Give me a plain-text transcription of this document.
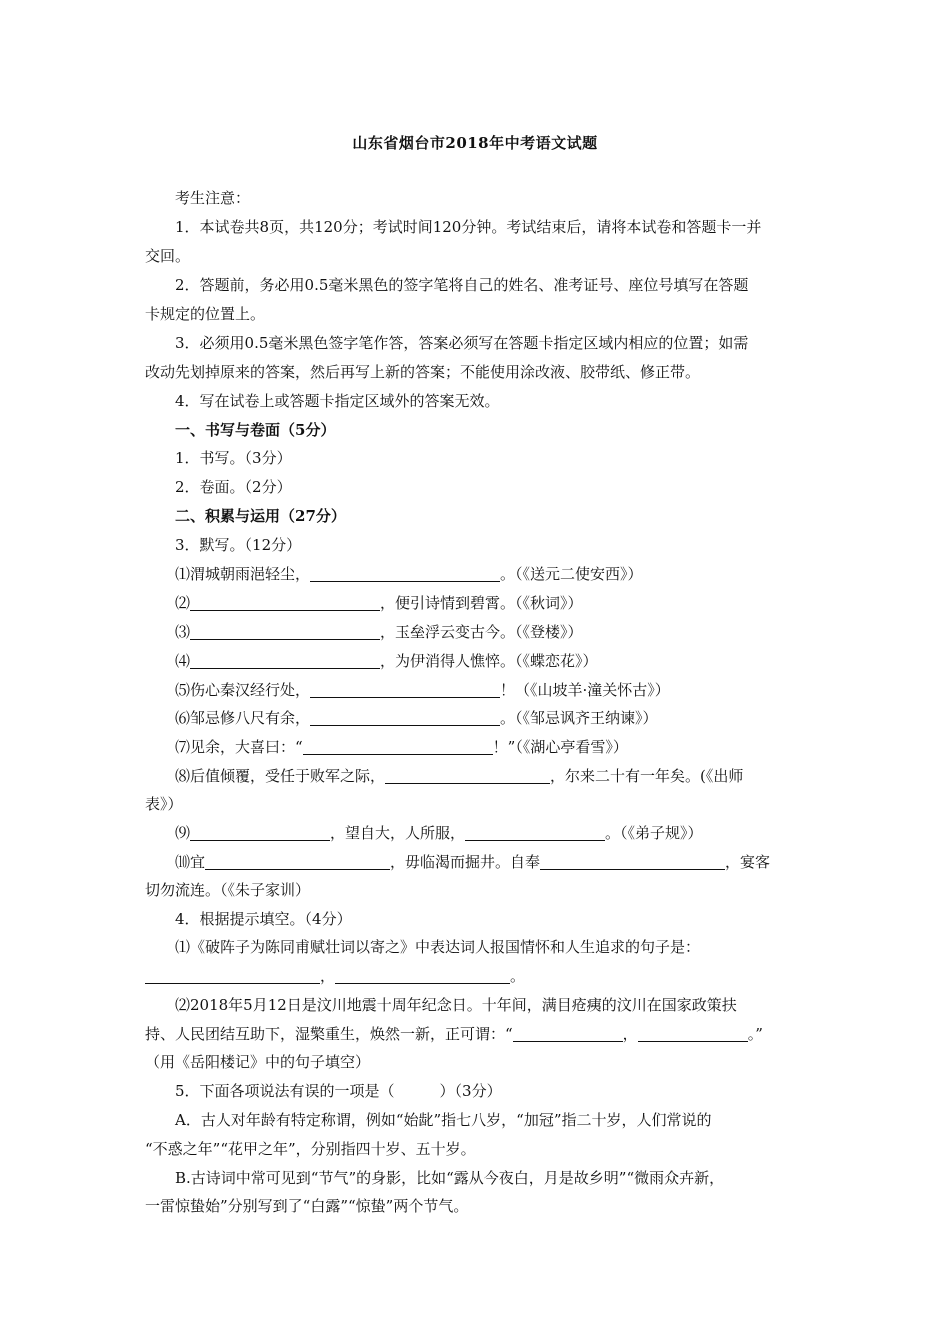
山东省烟台市2018年中考语文试题
考生注意：
1．本试卷共8页，共120分；考试时间120分钟。考试结束后，请将本试卷和答题卡一并
交回。
2．答题前，务必用0.5毫米黑色的签字笔将自己的姓名、准考证号、座位号填写在答题
卡规定的位置上。
3．必须用0.5毫米黑色签字笔作答，答案必须写在答题卡指定区域内相应的位置；如需
改动先划掉原来的答案，然后再写上新的答案；不能使用涂改液、胶带纸、修正带。
4．写在试卷上或答题卡指定区域外的答案无效。
一、书写与卷面（5分）
1．书写。（3分）
2．卷面。（2分）
二、积累与运用（27分）
3．默写。（12分）
⑴渭城朝雨浥轻尘，	。（《送元二使安西》）
⑵	，便引诗情到碧霄。（《秋词》）
⑶	，玉垒浮云变古今。（《登楼》）
⑷	，为伊消得人憔悴。（《蝶恋花》）
⑸伤心秦汉经行处，	！（《山坡羊·潼关怀古》）
⑹邹忌修八尺有余，	。（《邹忌讽齐王纳谏》）
⑺见余，大喜曰：“	！”（《湖心亭看雪》）
⑻后值倾覆，受任于败军之际，	，尔来二十有一年矣。(《出师
表》）
⑼	，望自大，人所服，	。（《弟子规》）
⑽宜	，毋临渴而掘井。自奉	，宴客
切勿流连。（《朱子家训）
4．根据提示填空。（4分）
⑴《破阵子为陈同甫赋壮词以寄之》中表达词人报国情怀和人生追求的句子是：
，	。
⑵2018年5月12日是汶川地震十周年纪念日。十年间，满目疮痍的汶川在国家政策扶
持、人民团结互助下，湿檠重生，焕然一新，正可谓：“	，	。”
（用《岳阳楼记》中的句子填空）
5．下面各项说法有误的一项是（　　　）（3分）
A．古人对年龄有特定称谓，例如“始龀”指七八岁，“加冠”指二十岁，人们常说的
“不惑之年”“花甲之年”，分别指四十岁、五十岁。
B.古诗词中常可见到“节气”的身影，比如“露从今夜白，月是故乡明”“微雨众卉新，
一雷惊蛰始”分别写到了“白露”“惊蛰”两个节气。
